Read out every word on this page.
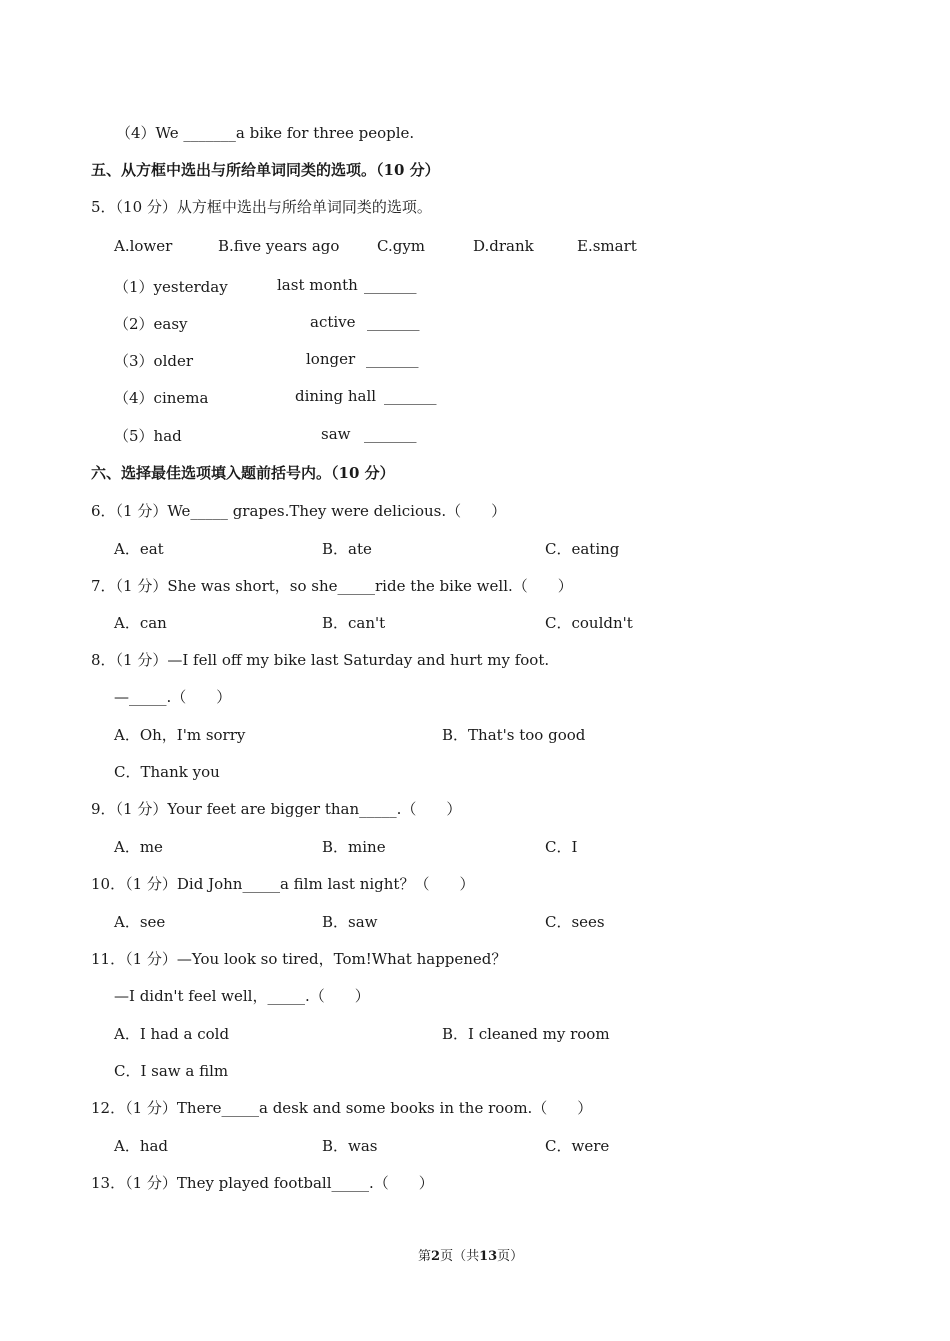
（4）We _______a bike for three people.
五、从方框中选出与所给单词同类的选项。（10 分）
5．（10 分）从方框中选出与所给单词同类的选项。
A.lower	B.five years ago	C.gym	D.drank	E.smart
（1）yesterday	last month _______
（2）easy	active _______
（3）older	longer _______
（4）cinema	dining hall _______
（5）had	saw _______
六、选择最佳选项填入题前括号内。（10 分）
6．（1 分）We_____ grapes.They were delicious.（　　）
A．eat	B．ate	C．eating
7．（1 分）She was short，so she_____ride the bike well.（　　）
A．can	B．can't	C．couldn't
8．（1 分）—I fell off my bike last Saturday and hurt my foot.
—_____.（　　）
A．Oh，I'm sorry	B．That's too good
C．Thank you
9．（1 分）Your feet are bigger than_____.（　　）
A．me	B．mine	C．I
10．（1 分）Did John_____a film last night？（　　）
A．see	B．saw	C．sees
11．（1 分）—You look so tired，Tom!What happened？
—I didn't feel well，_____.（　　）
A．I had a cold	B．I cleaned my room
C．I saw a film
12．（1 分）There_____a desk and some books in the room.（　　）
A．had	B．was	C．were
13．（1 分）They played football_____.（　　）
第2页（共13页）
